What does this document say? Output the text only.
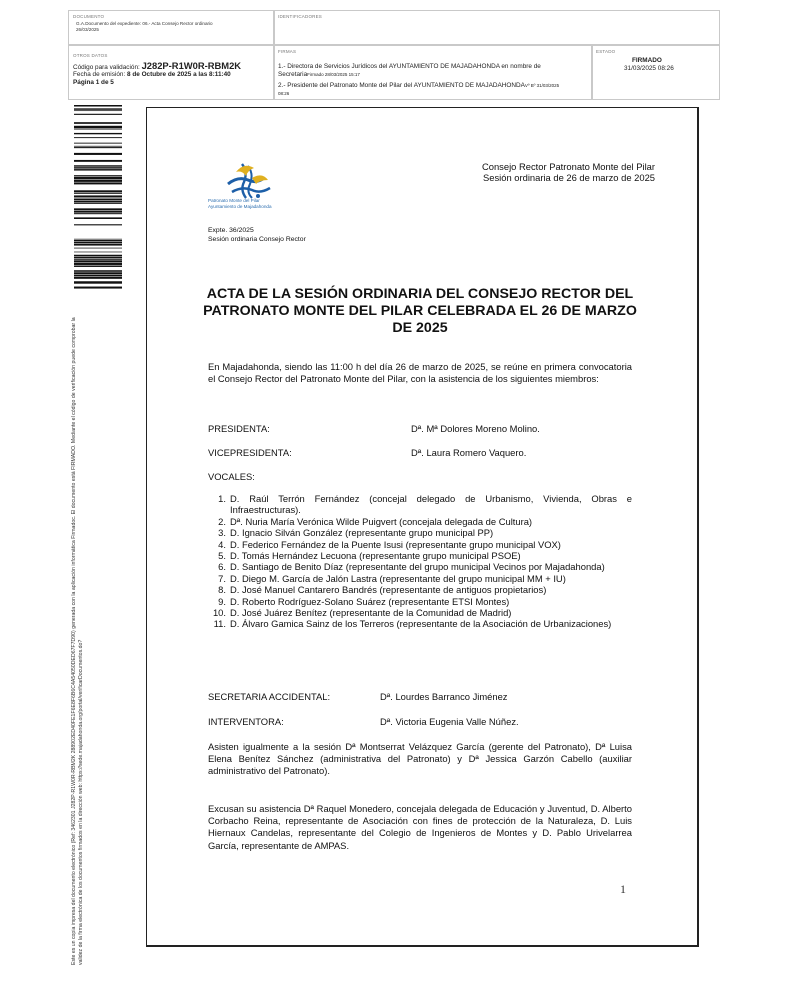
DOCUMENTO
G.A.Documento del expediente: 06.- Acta Consejo Rector ordinario
26/03/2025
IDENTIFICADORES
OTROS DATOS
Código para validación: J282P-R1W0R-RBM2K
Fecha de emisión: 8 de Octubre de 2025 a las 8:11:40
Página 1 de 5
FIRMAS
1.- Directora de Servicios Jurídicos del AYUNTAMIENTO DE MAJADAHONDA en nombre de
SecretariaFirmado 28/03/2025 15:17
2.- Presidente del Patronato Monte del Pilar del AYUNTAMIENTO DE MAJADAHONDAVº Bº 31/03/2025
08:26
ESTADO
FIRMADO
31/03/2025 08:26
Este es un copia impresa del documento electrónico (Ref: 3462301 J282P-R1W0R-RBM2K 288902ED40FE1F6E8F6B6C4A54050DED67F7D90) generada con la aplicación informática Firmadoc. El documento está FIRMADO. Mediante el código de verificación puede comprobar la validez de la firma electrónica de los documentos firmados en la dirección web: https://sede.majadahonda.org/portal/verificarDocumentos.do?
Patronato Monte del Pilar
Ayuntamiento de Majadahonda
Consejo Rector Patronato Monte del Pilar
Sesión ordinaria de 26 de marzo de 2025
Expte. 36/2025
Sesión ordinaria Consejo Rector
ACTA DE LA SESIÓN ORDINARIA DEL CONSEJO RECTOR DEL PATRONATO MONTE DEL PILAR CELEBRADA EL 26 DE MARZO DE 2025

En Majadahonda, siendo las 11:00 h del día 26 de marzo de 2025, se reúne en primera convocatoria el Consejo Rector del Patronato Monte del Pilar, con la asistencia de los siguientes miembros:

PRESIDENTA:	Dª. Mª Dolores Moreno Molino.
VICEPRESIDENTA:	Dª. Laura Romero Vaquero.
VOCALES:
1. D. Raúl Terrón Fernández (concejal delegado de Urbanismo, Vivienda, Obras e Infraestructuras).
2. Dª. Nuria María Verónica Wilde Puigvert (concejala delegada de Cultura)
3. D. Ignacio Silván González (representante grupo municipal PP)
4. D. Federico Fernández de la Puente Isusi (representante grupo municipal VOX)
5. D. Tomás Hernández Lecuona (representante grupo municipal PSOE)
6. D. Santiago de Benito Díaz (representante del grupo municipal Vecinos por Majadahonda)
7. D. Diego M. García de Jalón Lastra (representante del grupo municipal MM + IU)
8. D. José Manuel Cantarero Bandrés (representante de antiguos propietarios)
9. D. Roberto Rodríguez-Solano Suárez (representante ETSI Montes)
10. D. José Juárez Benítez (representante de la Comunidad de Madrid)
11. D. Álvaro Gamica Sainz de los Terreros (representante de la Asociación de Urbanizaciones)
SECRETARIA ACCIDENTAL:	Dª. Lourdes Barranco Jiménez
INTERVENTORA:	Dª. Victoria Eugenia Valle Núñez.

Asisten igualmente a la sesión Dª Montserrat Velázquez García (gerente del Patronato), Dª Luisa Elena Benítez Sánchez (administrativa del Patronato) y Dª Jessica Garzón Cabello (auxiliar administrativo del Patronato).

Excusan su asistencia Dª Raquel Monedero, concejala delegada de Educación y Juventud, D. Alberto Corbacho Reina, representante de Asociación con fines de protección de la Naturaleza, D. Luis Hiernaux Candelas, representante del Colegio de Ingenieros de Montes y D. Pablo Urivelarrea García, representante de AMPAS.

1
